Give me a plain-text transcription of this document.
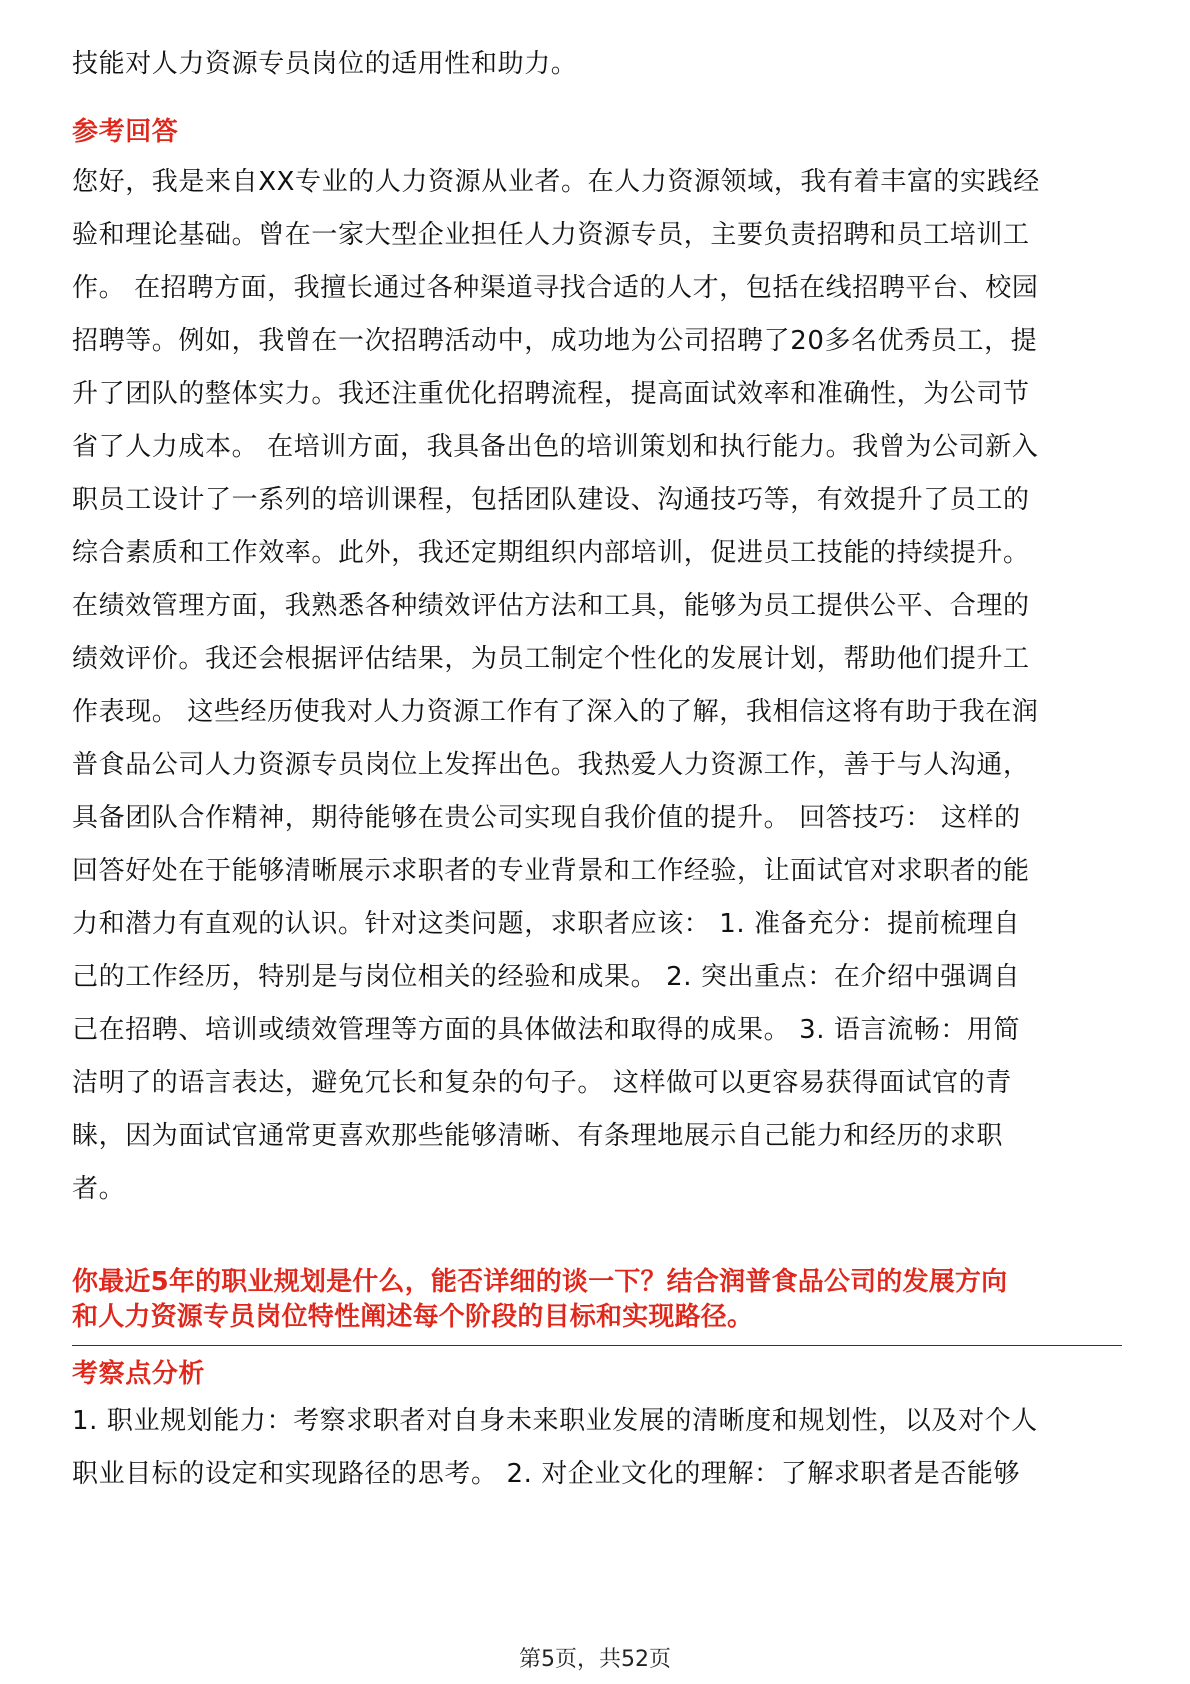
技能对人力资源专员岗位的适用性和助力。
参考回答
您好，我是来自XX专业的人力资源从业者。在人力资源领域，我有着丰富的实践经
验和理论基础。曾在一家大型企业担任人力资源专员，主要负责招聘和员工培训工
作。 在招聘方面，我擅长通过各种渠道寻找合适的人才，包括在线招聘平台、校园
招聘等。例如，我曾在一次招聘活动中，成功地为公司招聘了20多名优秀员工，提
升了团队的整体实力。我还注重优化招聘流程，提高面试效率和准确性，为公司节
省了人力成本。 在培训方面，我具备出色的培训策划和执行能力。我曾为公司新入
职员工设计了一系列的培训课程，包括团队建设、沟通技巧等，有效提升了员工的
综合素质和工作效率。此外，我还定期组织内部培训，促进员工技能的持续提升。
在绩效管理方面，我熟悉各种绩效评估方法和工具，能够为员工提供公平、合理的
绩效评价。我还会根据评估结果，为员工制定个性化的发展计划，帮助他们提升工
作表现。 这些经历使我对人力资源工作有了深入的了解，我相信这将有助于我在润
普食品公司人力资源专员岗位上发挥出色。我热爱人力资源工作，善于与人沟通，
具备团队合作精神，期待能够在贵公司实现自我价值的提升。 回答技巧： 这样的
回答好处在于能够清晰展示求职者的专业背景和工作经验，让面试官对求职者的能
力和潜力有直观的认识。针对这类问题，求职者应该： 1. 准备充分：提前梳理自
己的工作经历，特别是与岗位相关的经验和成果。 2. 突出重点：在介绍中强调自
己在招聘、培训或绩效管理等方面的具体做法和取得的成果。 3. 语言流畅：用简
洁明了的语言表达，避免冗长和复杂的句子。 这样做可以更容易获得面试官的青
睐，因为面试官通常更喜欢那些能够清晰、有条理地展示自己能力和经历的求职
者。
你最近5年的职业规划是什么，能否详细的谈一下？结合润普食品公司的发展方向
和人力资源专员岗位特性阐述每个阶段的目标和实现路径。
考察点分析
1. 职业规划能力：考察求职者对自身未来职业发展的清晰度和规划性，以及对个人
职业目标的设定和实现路径的思考。 2. 对企业文化的理解：了解求职者是否能够
第5页，共52页
